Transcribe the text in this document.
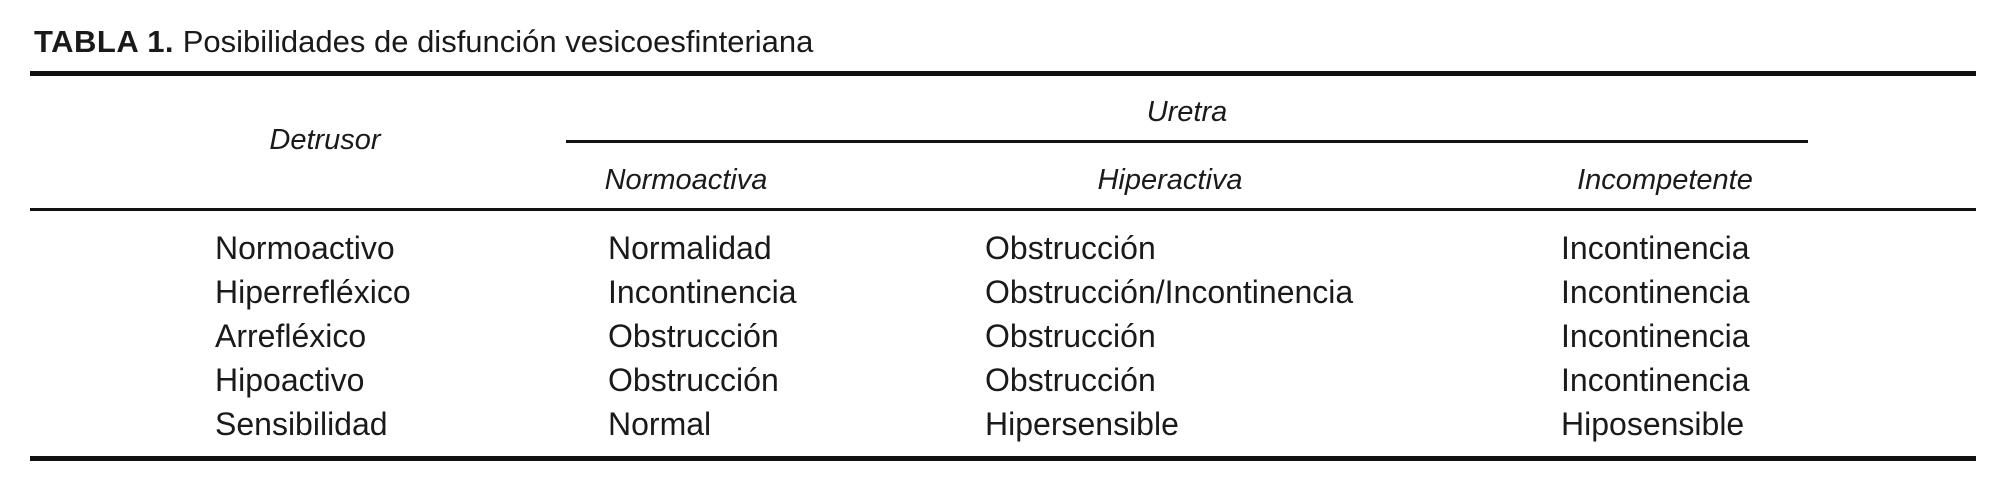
TABLA 1. Posibilidades de disfunción vesicoesfinteriana
Detrusor
Uretra
Normoactiva	Hiperactiva	Incompetente
Normoactivo	Normalidad	Obstrucción	Incontinencia
Hiperrefléxico	Incontinencia	Obstrucción/Incontinencia	Incontinencia
Arrefléxico	Obstrucción	Obstrucción	Incontinencia
Hipoactivo	Obstrucción	Obstrucción	Incontinencia
Sensibilidad	Normal	Hipersensible	Hiposensible
